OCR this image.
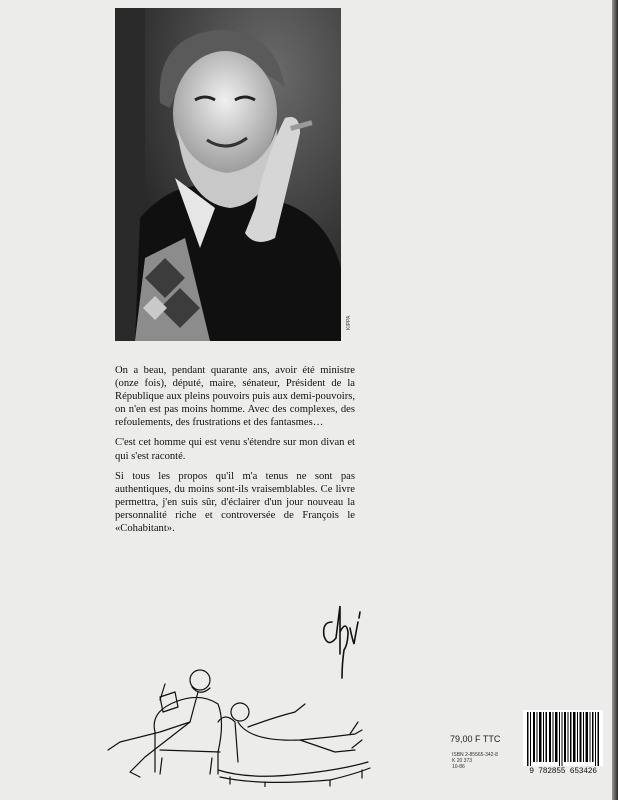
KIPPA

On a beau, pendant quarante ans, avoir été ministre (onze fois), député, maire, sénateur, Président de la République aux pleins pouvoirs puis aux demi-pouvoirs, on n'en est pas moins homme. Avec des complexes, des refoulements, des frustrations et des fantasmes…

C'est cet homme qui est venu s'étendre sur mon divan et qui s'est raconté.

Si tous les propos qu'il m'a tenus ne sont pas authentiques, du moins sont-ils vraisemblables. Ce livre permettra, j'en suis sûr, d'éclairer d'un jour nouveau la personnalité riche et controversée de François le «Cohabitant».

79,00 F TTC
ISBN 2-85565-342-8
K 20 373
10-86	9 782855 653426
